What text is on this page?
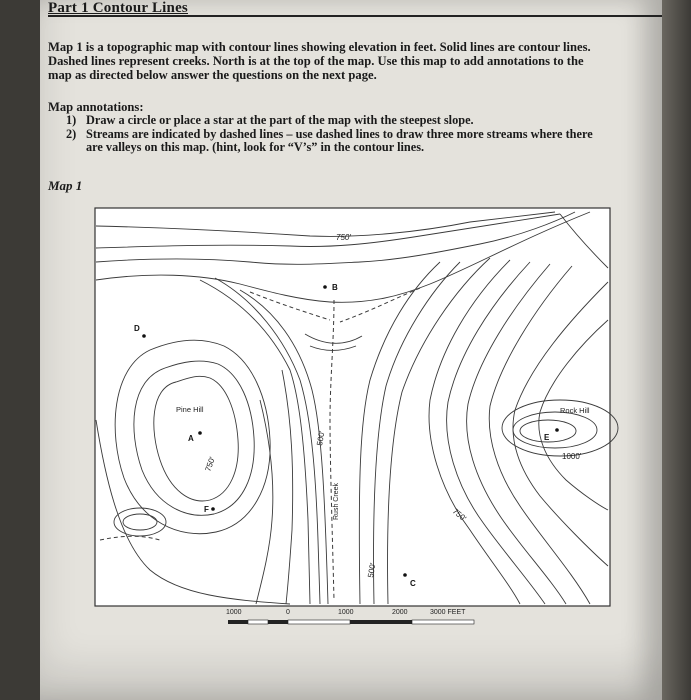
Part 1 Contour Lines
Map 1 is a topographic map with contour lines showing elevation in feet. Solid lines are contour lines. Dashed lines represent creeks. North is at the top of the map. Use this map to add annotations to the map as directed below answer the questions on the next page.
Map annotations:
1) Draw a circle or place a star at the part of the map with the steepest slope.
2) Streams are indicated by dashed lines – use dashed lines to draw three more streams where there are valleys on this map. (hint, look for “V’s” in the contour lines.
Map 1
750'
500'
750'	1000'
750'
500'
Pine Hill	Rock Hill
Rush Creek
B
D
A	E
F
C
1000	0	1000	2000	3000 FEET
